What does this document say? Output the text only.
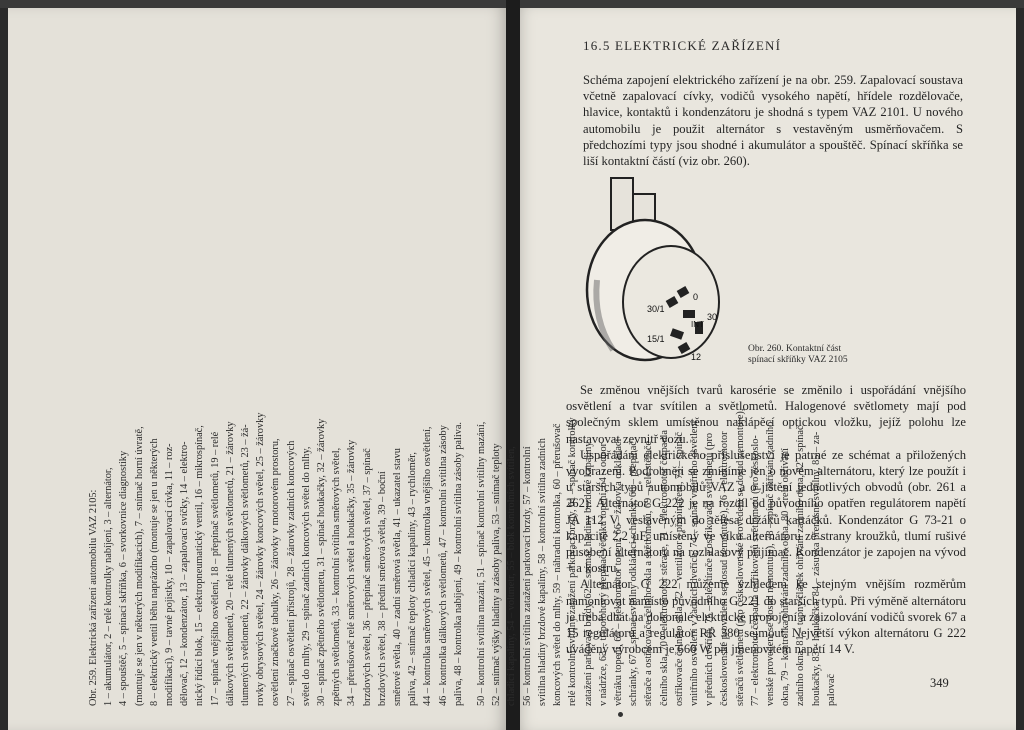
Obr. 259. Elektrická zařízení automobilu VAZ 2105: 1 – akumulátor, 2 – relé kontrolky nabíjení, 3 – alternátor, 4 – spouštěč, 5 – spínací skříňka, 6 – svorkovnice diagnostiky (montuje se jen v některých modifikacích), 7 – snímač horní úvratě, 8 – elektrický ventil běhu naprázdno (montuje se jen u některých modifikací), 9 – tavné pojistky, 10 – zapalovací cívka, 11 – roz- dělovač, 12 – kondenzátor, 13 – zapalovací svíčky, 14 – elektro- nický řídicí blok, 15 – elektropneumatický ventil, 16 – mikrospínač, 17 – spínač vnějšího osvětlení, 18 – přepínač světlometů, 19 – relé dálkových světlometů, 20 – relé tlumených světlometů, 21 – žárovky tlumených světlometů, 22 – žárovky dálkových světlometů, 23 – žá- rovky obrysových světel, 24 – žárovky koncových světel, 25 – žárovky osvětlení značkové tabulky, 26 – žárovky v motorovém prostoru, 27 – spínač osvětlení přístrojů, 28 – žárovky zadních koncových světel do mlhy, 29 – spínač zadních koncových světel do mlhy, 30 – spínač zpětného světlometu, 31 – spínač houkačky, 32 – žárovky zpětných světlometů, 33 – kontrolní svítilna směrových světel, 34 – přerušovač relé směrových světel a houkačky, 35 – žárovky brzdových světel, 36 – přepínač směrových světel, 37 – spínač brzdových světel, 38 – přední směrová světla, 39 – boční směrové světla, 40 – zadní směrová světla, 41 – ukazatel stavu paliva, 42 – snímač teploty chladicí kapaliny, 43 – rychloměr, 44 – kontrolka směrových světel, 45 – kontrolka vnějšího osvětlení, 46 – kontrolka dálkových světlometů, 47 – kontrolní svítilna zásoby paliva, 48 – kontrolka nabíjení, 49 – kontrolní svítilna zásoby paliva. 50 – kontrolní svítilna mazání, 51 – spínač kontrolní svítilny mazání, 52 – snímač výšky hladiny a zásoby paliva, 53 – snímač teploty chladicí kapaliny, 54 – voltmetr, 55 – blok kontrolních svítilen, 56 – kontrolní svítilna zatažení parkovací brzdy, 57 – kontrolní svítilna hladiny brzdové kapaliny, 58 – kontrolní svítilna zadních koncových světel do mlhy, 59 – náhradní kontrolka, 60 – přerušovač relé kontrolní svítilny zatažení parkovací brzdy, 61 – spínač kontrolky zatažení parkovací brzdy, 62 – snímač hladiny brzdové kapaliny v nádržce, 63 – třípolohový přepínač větráku topení, 64 – odpor větráku topení, 65 – elektromotor topení, 66 – žárovka odkládací schránky, 67 – spínač svítilny odkládací schránky, 68 – přepínač stěrače a ostřikovače čelního skla a světlometů, 69 – relé stěrače čelního skla, 70 – elektromotor stěrače, 71 – elektromotor čerpadla ostřikovače čelního skla, 72 – ventilátor s přepínačem, 73 – spínač vnitřního osvětlení v zadních dveřích, 74 – spínač vnitřního osvětlení v předních dveřích, 75 – relé stírače a ostřikovačů světlometů (pro československé provedení se dosud nemontuje), 76 – elektromotor stěračů světlometů (pro československé provedení se dosud nemontuje), 77 – elektromotor čerpadla ostřikovačů světlometů (pro českoslo- venské provedení se dosud nemontuje), 78 – spínač ohřívání zadního okna, 79 – kontrolka ohřívání zadního okna, 80 – relé ohřívání zadního okna, 81 – topný článek ohřívání zadního okna, 82 – spínač houkačky, 83 – houkačka, 84 – zásuvka přenosné svítilny, 85 – za- palovač
16.5 ELEKTRICKÉ ZAŘÍZENÍ
Schéma zapojení elektrického zařízení je na obr. 259. Zapalovací soustava včetně zapalovací cívky, vodičů vysokého napětí, hřídele rozdělovače, hlavice, kontaktů i kondenzátoru je shodná s typem VAZ 2101. U nového automobilu je použit alternátor s vestavěným usměrňovačem. S předchozími typy jsou shodné i akumulátor a spouštěč. Spínací skříňka se liší kontaktní částí (viz obr. 260).
0
30/1
INT
30
15/1
12
Obr. 260. Kontaktní část spínací skříňky VAZ 2105

Se změnou vnějších tvarů karosérie se změnilo i uspořádání vnějšího osvětlení a tvar svítilen a světlometů. Halogenové světlomety mají pod společným sklem umístěnou naklápěcí optickou vložku, jejíž polohu lze nastavovat zevnitř vozu.

Uspořádání elektrického příslušenství je patrné ze schémat a přiložených vyobrazení. Podrobněji se zmíníme jen o novém alternátoru, který lze použít i u starších typů automobilů VAZ a o jištění jednotlivých obvodů (obr. 261 a 262). Alternátor G 222 je na rozdíl od původního opatřen regulátorem napětí JA 112 V, vestavěným do tělesa držáků kartáčků. Kondenzátor G 73-21 o kapacitě 2,2 µF, umístěný ve víku alternátoru ze strany kroužků, tlumí rušivé působení alternátoru na rozhlasový přijímač. Kondenzátor je zapojen na vývod + a kostru.

Alternátor G 222 můžeme vzhledem ke stejným vnějším rozměrům namontovat namísto původního G 221 do starších typů. Při výměně alternátoru je třeba dbát na dokonalé elektrické propojení a zaizolování vodičů svorek 67 a 15 regulátoru a regulátor RR 380 sejmout. Největší výkon alternátoru G 222 uváděný výrobcem je 660 W při jmenovitém napětí 14 V.

349
